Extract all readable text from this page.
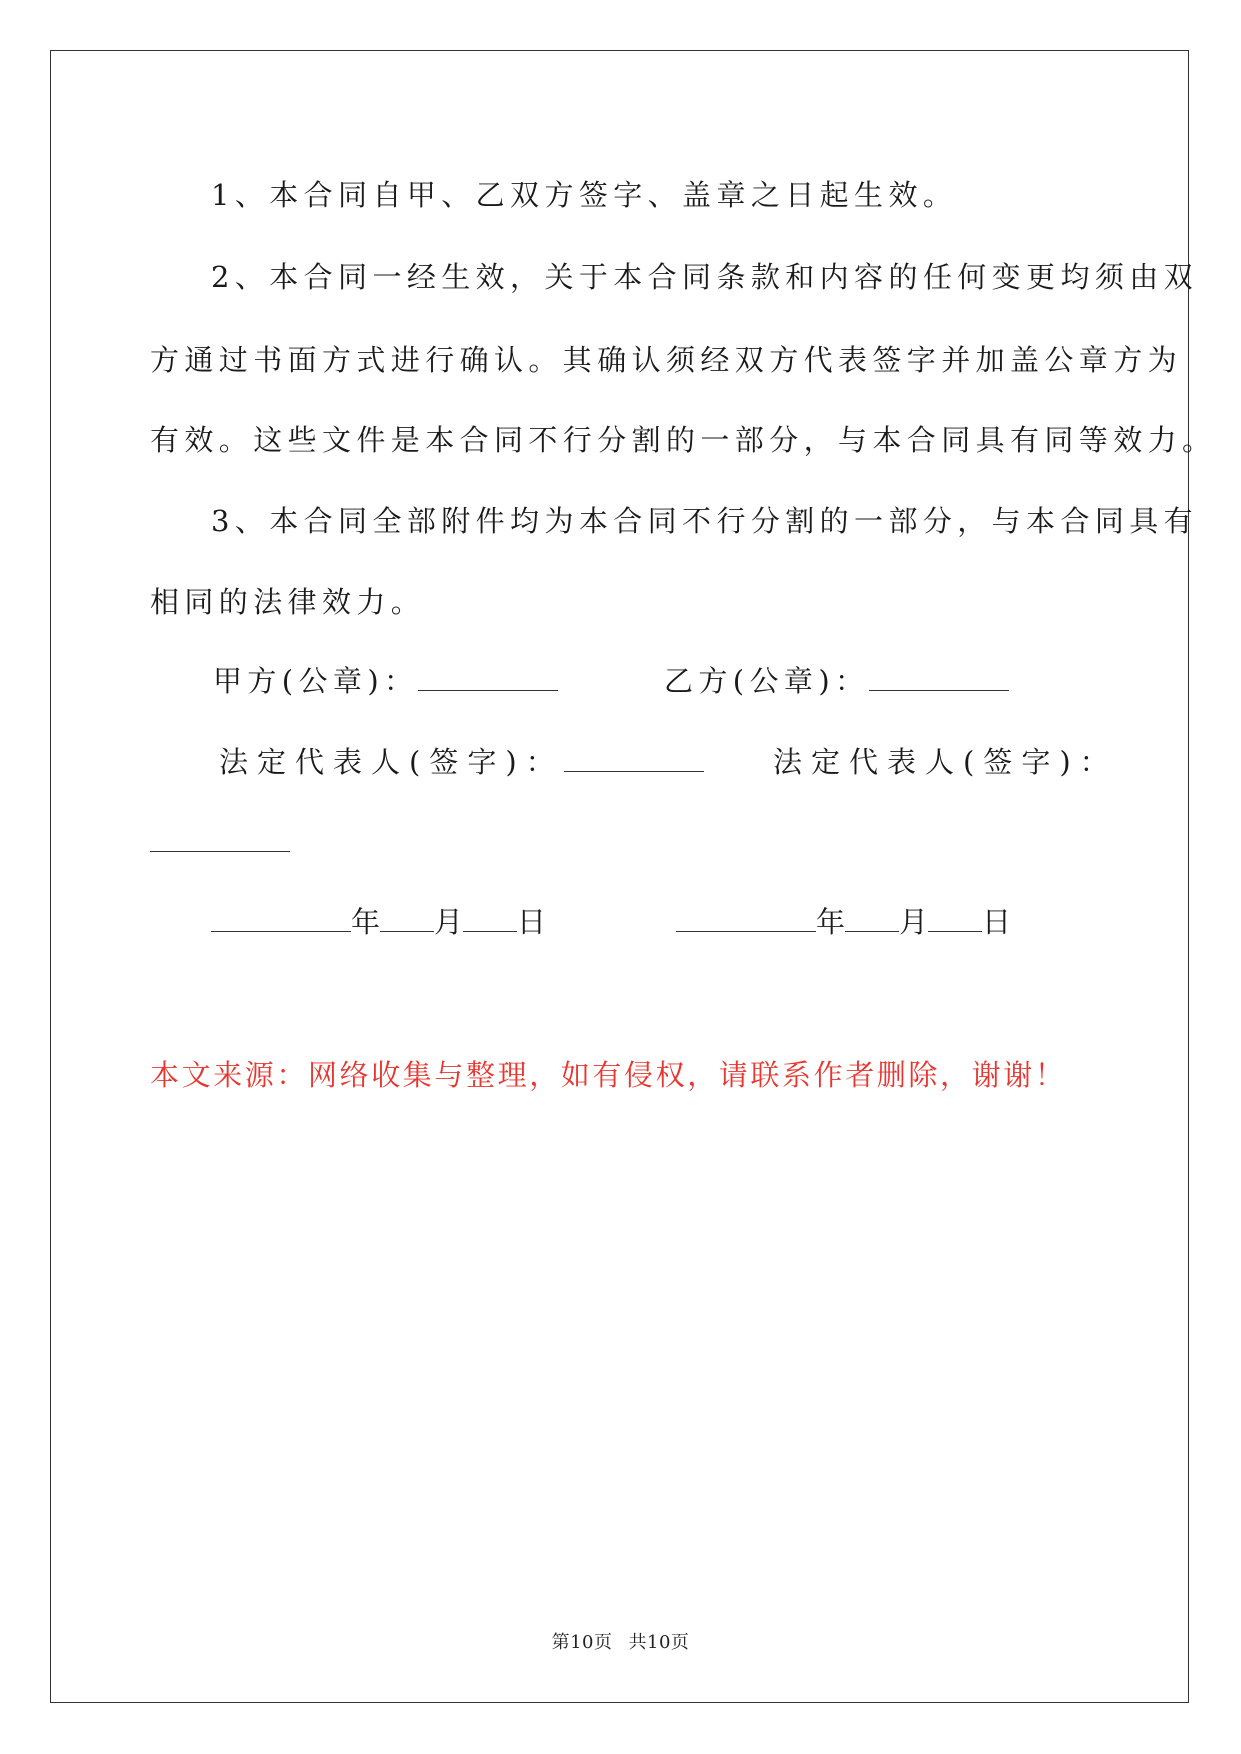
1、本合同自甲、乙双方签字、盖章之日起生效。
2、本合同一经生效，关于本合同条款和内容的任何变更均须由双
方通过书面方式进行确认。其确认须经双方代表签字并加盖公章方为
有效。这些文件是本合同不行分割的一部分，与本合同具有同等效力。
3、本合同全部附件均为本合同不行分割的一部分，与本合同具有
相同的法律效力。
甲方(公章)：	乙方(公章)：
法定代表人(签字)：	法定代表人(签字)：
年 月 日	年 月 日
本文来源：网络收集与整理，如有侵权，请联系作者删除，谢谢！
第10页 共10页
